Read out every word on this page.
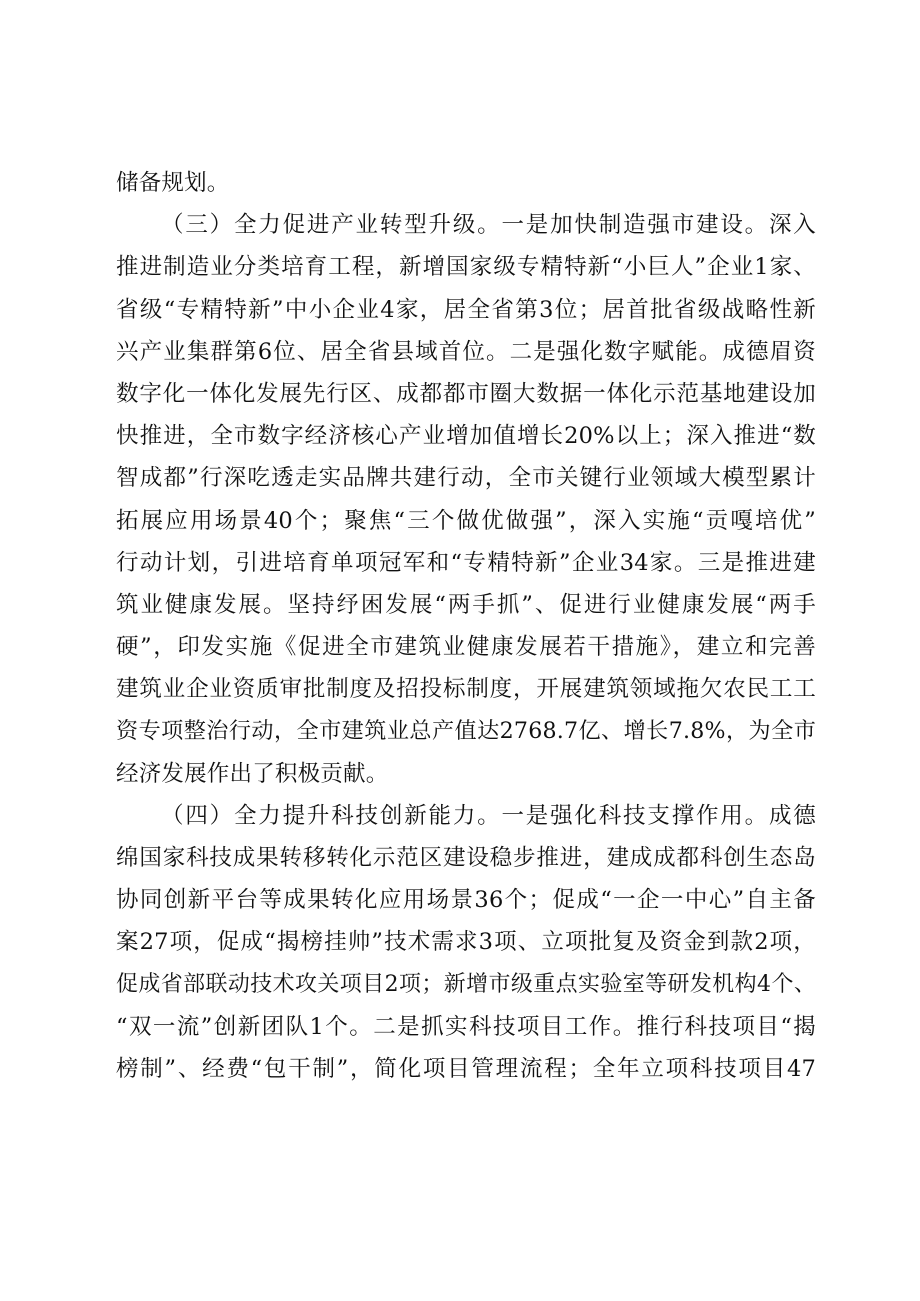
储备规划。
（三）全力促进产业转型升级。一是加快制造强市建设。深入
推进制造业分类培育工程，新增国家级专精特新“小巨人”企业1家、
省级“专精特新”中小企业4家，居全省第3位；居首批省级战略性新
兴产业集群第6位、居全省县域首位。二是强化数字赋能。成德眉资
数字化一体化发展先行区、成都都市圈大数据一体化示范基地建设加
快推进，全市数字经济核心产业增加值增长20%以上；深入推进“数
智成都”行深吃透走实品牌共建行动，全市关键行业领域大模型累计
拓展应用场景40个；聚焦“三个做优做强”，深入实施“贡嘎培优”
行动计划，引进培育单项冠军和“专精特新”企业34家。三是推进建
筑业健康发展。坚持纾困发展“两手抓”、促进行业健康发展“两手
硬”，印发实施《促进全市建筑业健康发展若干措施》，建立和完善
建筑业企业资质审批制度及招投标制度，开展建筑领域拖欠农民工工
资专项整治行动，全市建筑业总产值达2768.7亿、增长7.8%，为全市
经济发展作出了积极贡献。
（四）全力提升科技创新能力。一是强化科技支撑作用。成德
绵国家科技成果转移转化示范区建设稳步推进，建成成都科创生态岛
协同创新平台等成果转化应用场景36个；促成“一企一中心”自主备
案27项，促成“揭榜挂帅”技术需求3项、立项批复及资金到款2项，
促成省部联动技术攻关项目2项；新增市级重点实验室等研发机构4个、
“双一流”创新团队1个。二是抓实科技项目工作。推行科技项目“揭
榜制”、经费“包干制”，简化项目管理流程；全年立项科技项目47
